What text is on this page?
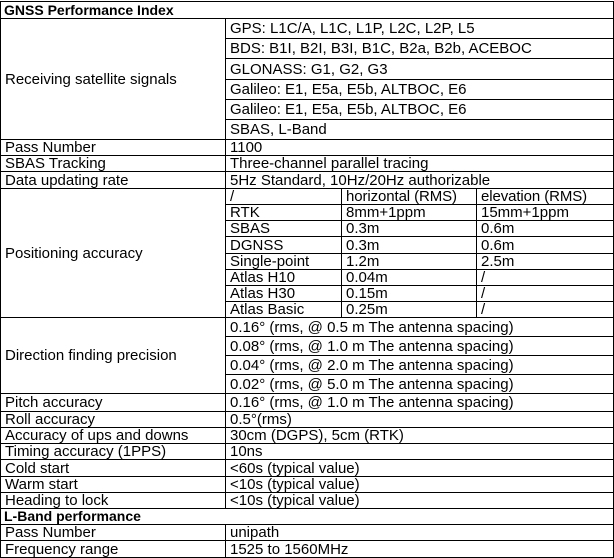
GNSS Performance Index
Receiving satellite signals
GPS: L1C/A, L1C, L1P, L2C, L2P, L5
BDS: B1I, B2I, B3I, B1C, B2a, B2b, ACEBOC
GLONASS: G1, G2, G3
Galileo: E1, E5a, E5b, ALTBOC, E6
Galileo: E1, E5a, E5b, ALTBOC, E6
SBAS, L-Band
Pass Number	1100
SBAS Tracking	Three-channel parallel tracing
Data updating rate	5Hz Standard, 10Hz/20Hz authorizable
Positioning accuracy
/	horizontal (RMS) elevation (RMS)
RTK	8mm+1ppm	15mm+1ppm
SBAS	0.3m	0.6m
DGNSS	0.3m	0.6m
Single-point 1.2m	2.5m
Atlas H10	0.04m	/
Atlas H30	0.15m	/
Atlas Basic	0.25m	/
Direction finding precision
0.16° (rms, @ 0.5 m The antenna spacing)
0.08° (rms, @ 1.0 m The antenna spacing)
0.04° (rms, @ 2.0 m The antenna spacing)
0.02° (rms, @ 5.0 m The antenna spacing)
Pitch accuracy	0.16° (rms, @ 1.0 m The antenna spacing)
Roll accuracy	0.5°(rms)
Accuracy of ups and downs	30cm (DGPS), 5cm (RTK)
Timing accuracy (1PPS)	10ns
Cold start	<60s (typical value)
Warm start	<10s (typical value)
Heading to lock	<10s (typical value)
L-Band performance
Pass Number	unipath
Frequency range	1525 to 1560MHz
